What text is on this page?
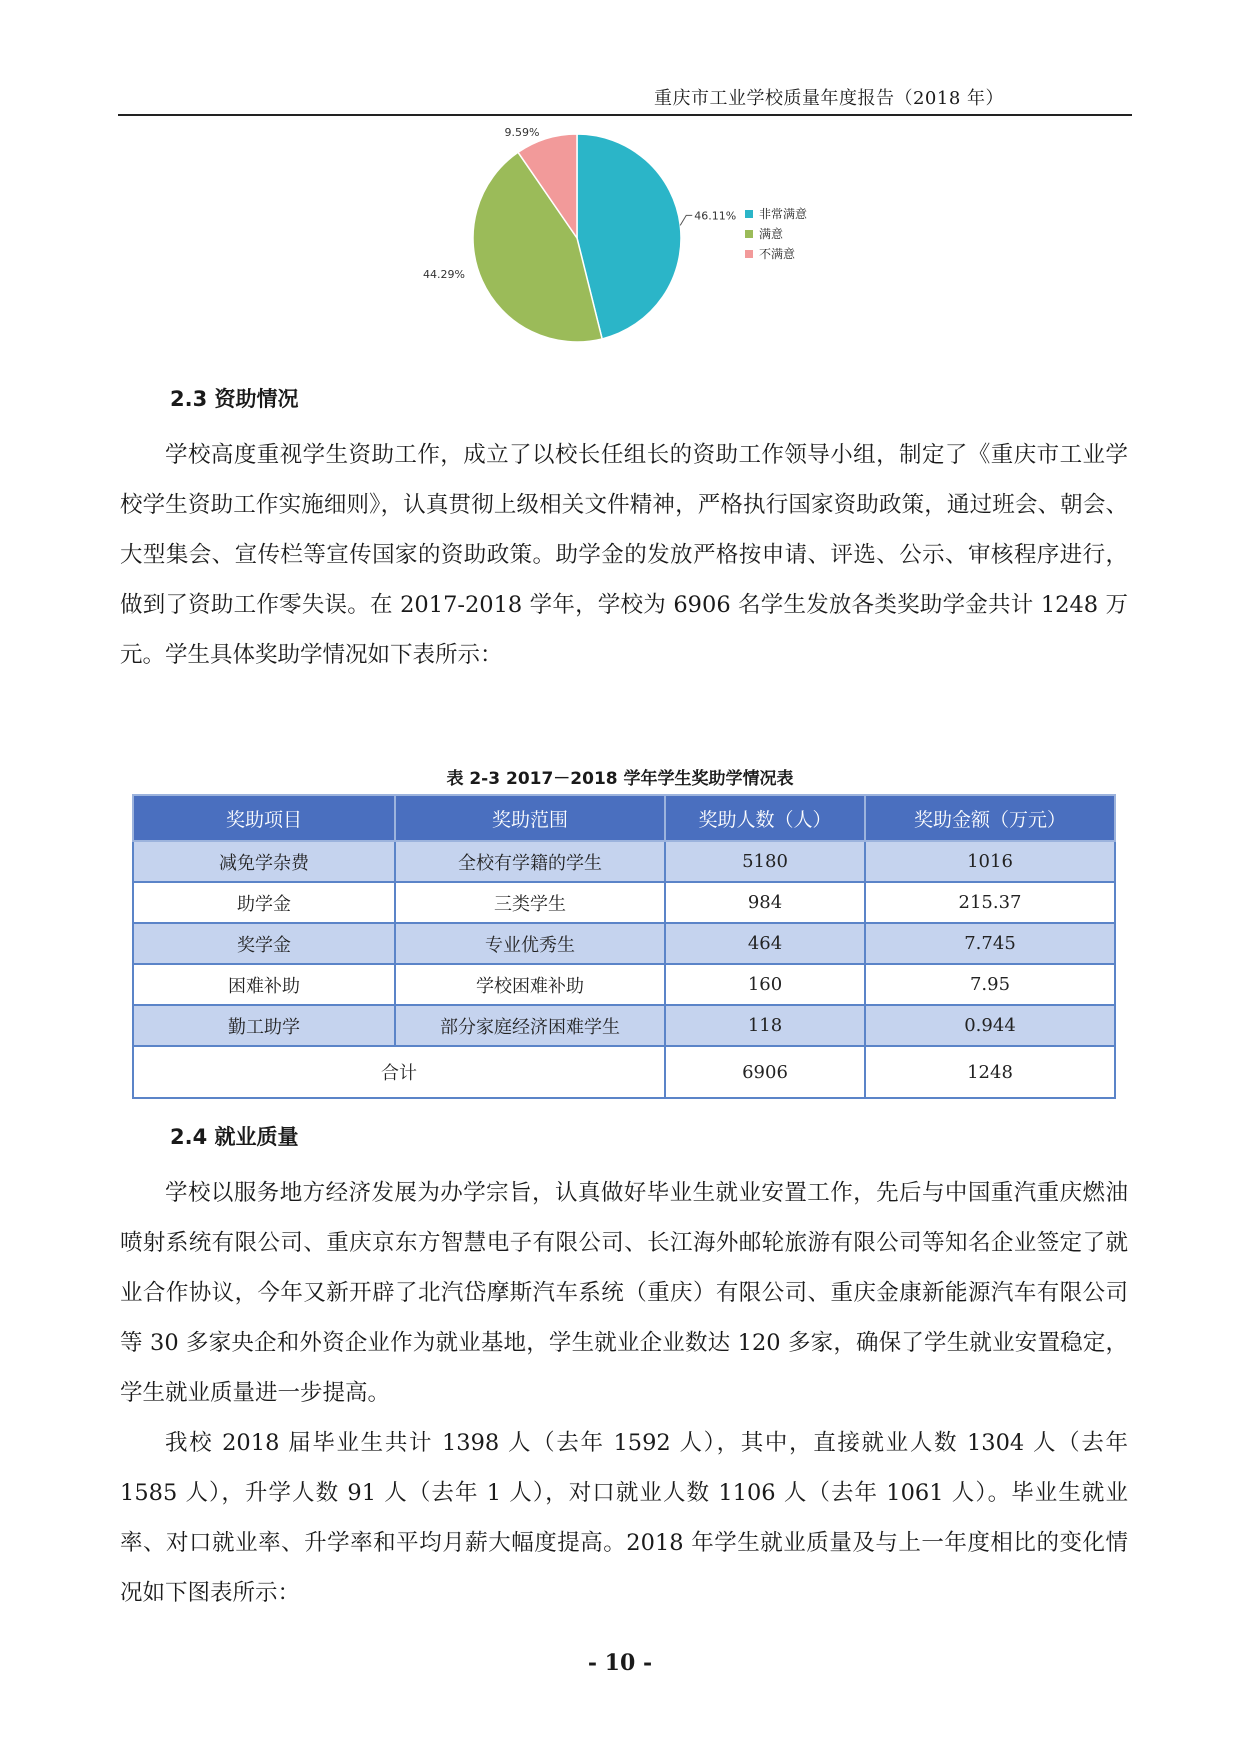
重庆市工业学校质量年度报告（2018 年）
46.11%
44.29%
9.59%
非常满意
满意
不满意
2.3 资助情况

学校高度重视学生资助工作，成立了以校长任组长的资助工作领导小组，制定了《重庆市工业学校学生资助工作实施细则》，认真贯彻上级相关文件精神，严格执行国家资助政策，通过班会、朝会、大型集会、宣传栏等宣传国家的资助政策。助学金的发放严格按申请、评选、公示、审核程序进行，做到了资助工作零失误。在 2017-2018 学年，学校为 6906 名学生发放各类奖助学金共计 1248 万元。学生具体奖助学情况如下表所示：

表 2-3 2017－2018 学年学生奖助学情况表
奖助项目	奖助范围	奖助人数（人）	奖助金额（万元）
减免学杂费	全校有学籍的学生	5180	1016
助学金	三类学生	984	215.37
奖学金	专业优秀生	464	7.745
困难补助	学校困难补助	160	7.95
勤工助学	部分家庭经济困难学生	118	0.944
合计		6906	1248
2.4 就业质量

学校以服务地方经济发展为办学宗旨，认真做好毕业生就业安置工作，先后与中国重汽重庆燃油喷射系统有限公司、重庆京东方智慧电子有限公司、长江海外邮轮旅游有限公司等知名企业签定了就业合作协议，今年又新开辟了北汽岱摩斯汽车系统（重庆）有限公司、重庆金康新能源汽车有限公司等 30 多家央企和外资企业作为就业基地，学生就业企业数达 120 多家，确保了学生就业安置稳定，学生就业质量进一步提高。

我校 2018 届毕业生共计 1398 人（去年 1592 人），其中，直接就业人数 1304 人（去年 1585 人），升学人数 91 人（去年 1 人），对口就业人数 1106 人（去年 1061 人）。毕业生就业率、对口就业率、升学率和平均月薪大幅度提高。2018 年学生就业质量及与上一年度相比的变化情况如下图表所示：

- 10 -
